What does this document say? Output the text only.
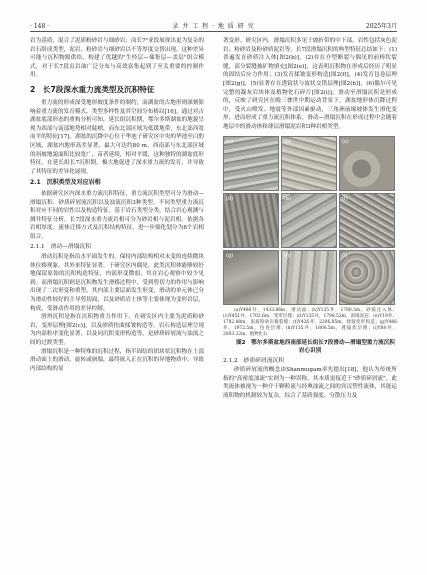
· 148 ·	录 井 工 程 · 地 质 研 究	2025年3月

岩为基质，混合了泥质粉砂岩与细砂岩；而长7²亚段展现出更为复杂的岩石组成类型，泥岩、粉砂岩与细砂岩以不等厚度交替出现。这种差异可能与沉积物源供给、构建了优越的"生烃层—储集层—盖层"组合模式，对于长7段页岩油广泛分布与高效富集起到了至关重要的控制作用。

2　长7段深水重力流类型及沉积特征

重力流的形成深受地形坡度条件的制约，而湖盆的古地形则深刻影响着重力流的发育模式、类型多样性及其空间分布格局[16]。通过对古湖盆底部形态的重构分析可知，延长组沉积期，鄂尔多斯湖盆的地貌呈现为西部与南部地势相对陡峭，而东北部区域为低缓地带，东北部西宽而平的特征[17]。湖盆的沉降中心位于华池子研究区中央的华池至白豹区域，湖盆内地形高差显著，最大可达约80 m。西南部与东北部区域的斜坡地貌面积比较宽广，苗者延续，相对平缓，这种独特的湖盆底形特征，在延长组长7沉积期，极大地促进了深水重力流的发育，并导致了其特征的差异化展现。

2.1　沉积类型及对应岩相

依据研究区内深水重力流沉积特征，重力流沉积类型可分为滑动—滑塌沉积、砂质碎屑流沉积以及浊流沉积3种类型。不同类型重力流沉积对应不同的岩性以及构造特征。基于岩石类型分类，结合岩心观测与测井特征分析，长7段深水重力流岩相可分为砂岩相与泥岩相。依据各岩相厚度、流体迁移方式及沉积结构特征，进一步细化划分为8个岩相组合。

2.1.1　滑动—滑塌沉积

滑动沉积是指沿水平面发生的、保持内部结构相对未变的连续微块体位移现象，其外来特征显著，于研究区内偶见。此类沉积体能够较好地保留原始的沉积构造特征，内部形变微弱，其在岩心观察中较少见到。而滑塌沉积则是沉积物发生滑移过程中，受到剪切力的作用与影响出现了二次形变和重塑，其内部主要层面发生形变，滑动的单元体已分为滑动性较好的主导剪切面，以及砂质岩土体等主要体现为变形岩层，构成，受滑动作用的差异控制。

滑坍沉积是指在沉积物重力作用下，在研究区内主要为泥质粉砂岩，变形层理[图2(c)]，以及砂质扭曲揉皱构造等。岩石构造层理呈现为内部粒序变化显著，以及同沉积变形构造等，是砂质碎屑流与浊流之间的过渡类型。

滑塌沉积是一种特殊的沉积过程，指半固结的团块状沉积物在上部滑动面上的滑动、旋转或崩塌，最终嵌入正在沉积的异地物质中，导致内部结构的显

著变形。研究区内，滑塌沉积多见于坡折带的中下部，岩性包括灰色泥岩、粉砂岩及粉砂质泥岩等。长7段滑塌沉积的典型特征总结如下：(1)普遍发育砂质注入体[图2(b)]，(2)存在介型断裂与偶见的前棒状裂缝，部分裂缝被矿物填充[图2(e)]，这表明沉积物在形成后经历了明显的固结后应力作用；(3)发育揉皱变形构造[图2(f)]，(4)发育包卷层理[图2(g)]，(5)显著存在透镜状与波状交错层理[图2(h)]，(6)偶尔可见完整的凝灰岩块体及植物化石碎片[图2(i)]。滑动至滑塌沉积是形成的，反映了研究区在晚三叠世中期运动背景下，湖盆地形体沉降过程中，受火山喷发、地震等外部因素驱动，三角洲前缘坡体发生滑化变形，进而形成了重力流沉积体系。滑动—滑塌沉积在形成过程中会随着地层中的滑动体和薄层滑塌泥岩和3种岩相类型。

(a)	(b)	(c)
(d)	(e)	(f)
(g)	(h)	(i)

(a)Y486井，1433.86m，滑动面；(b)Y135井，1780.3m，砂质注入体；(c)Y451井，1702.6m，变形层理；(d)Y135井，1798.52m，滑塌泥岩；(e)Y19井，1782.88m，泥质粉砂岩微裂缝；(f)Y426井，2206.85m，揉皱变形构造；(g)Y486井，1972.5m，包卷层理；(h)Y135井，1806.5m，透镜状层理；(i)Y88井，2003.22m，植物化石

图2　鄂尔多斯盆地西南部延长组长7段滑动—滑塌型重力流沉积岩心识别

2.1.2　砂质碎屑流沉积

砂质碎屑流的概念由Shanmugam率先提出[18]，他认为传统所指的"高密度浊流"实则为一种误称，其本质更接近于"砂质碎屑流"。此类流体被视为一种介于颗粒流与经典浊流之间的宾汉塑性流体，其能运流积物的机制较为复杂，综合了基质强度、分散压力及
